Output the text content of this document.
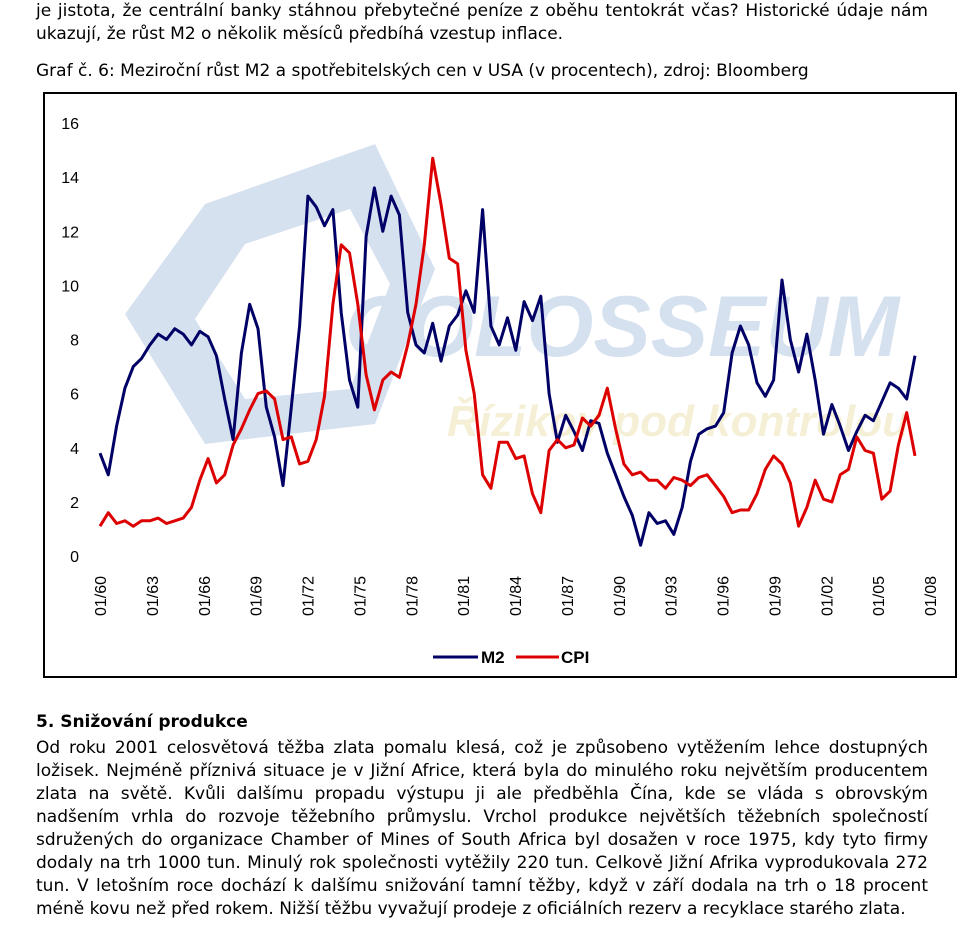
je jistota, že centrální banky stáhnou přebytečné peníze z oběhu tentokrát včas? Historické údaje nám ukazují, že růst M2 o několik měsíců předbíhá vzestup inflace.

Graf č. 6: Meziroční růst M2 a spotřebitelských cen v USA (v procentech), zdroj: Bloomberg
COLOSSEUM
Řízikov pod kontrolou
0
2
4
6
8
10
12
14
16
01/60 01/63 01/66 01/69 01/72 01/75 01/78 01/81 01/84 01/87 01/90 01/93 01/96 01/99 01/02 01/05 01/08
M2	CPI
5. Snižování produkce

Od roku 2001 celosvětová těžba zlata pomalu klesá, což je způsobeno vytěžením lehce dostupných ložisek. Nejméně příznivá situace je v Jižní Africe, která byla do minulého roku největším producentem zlata na světě. Kvůli dalšímu propadu výstupu ji ale předběhla Čína, kde se vláda s obrovským nadšením vrhla do rozvoje těžebního průmyslu. Vrchol produkce největších těžebních společností sdružených do organizace Chamber of Mines of South Africa byl dosažen v roce 1975, kdy tyto firmy dodaly na trh 1000 tun. Minulý rok společnosti vytěžily 220 tun. Celkově Jižní Afrika vyprodukovala 272 tun. V letošním roce dochází k dalšímu snižování tamní těžby, když v září dodala na trh o 18 procent méně kovu než před rokem. Nižší těžbu vyvažují prodeje z oficiálních rezerv a recyklace starého zlata.
